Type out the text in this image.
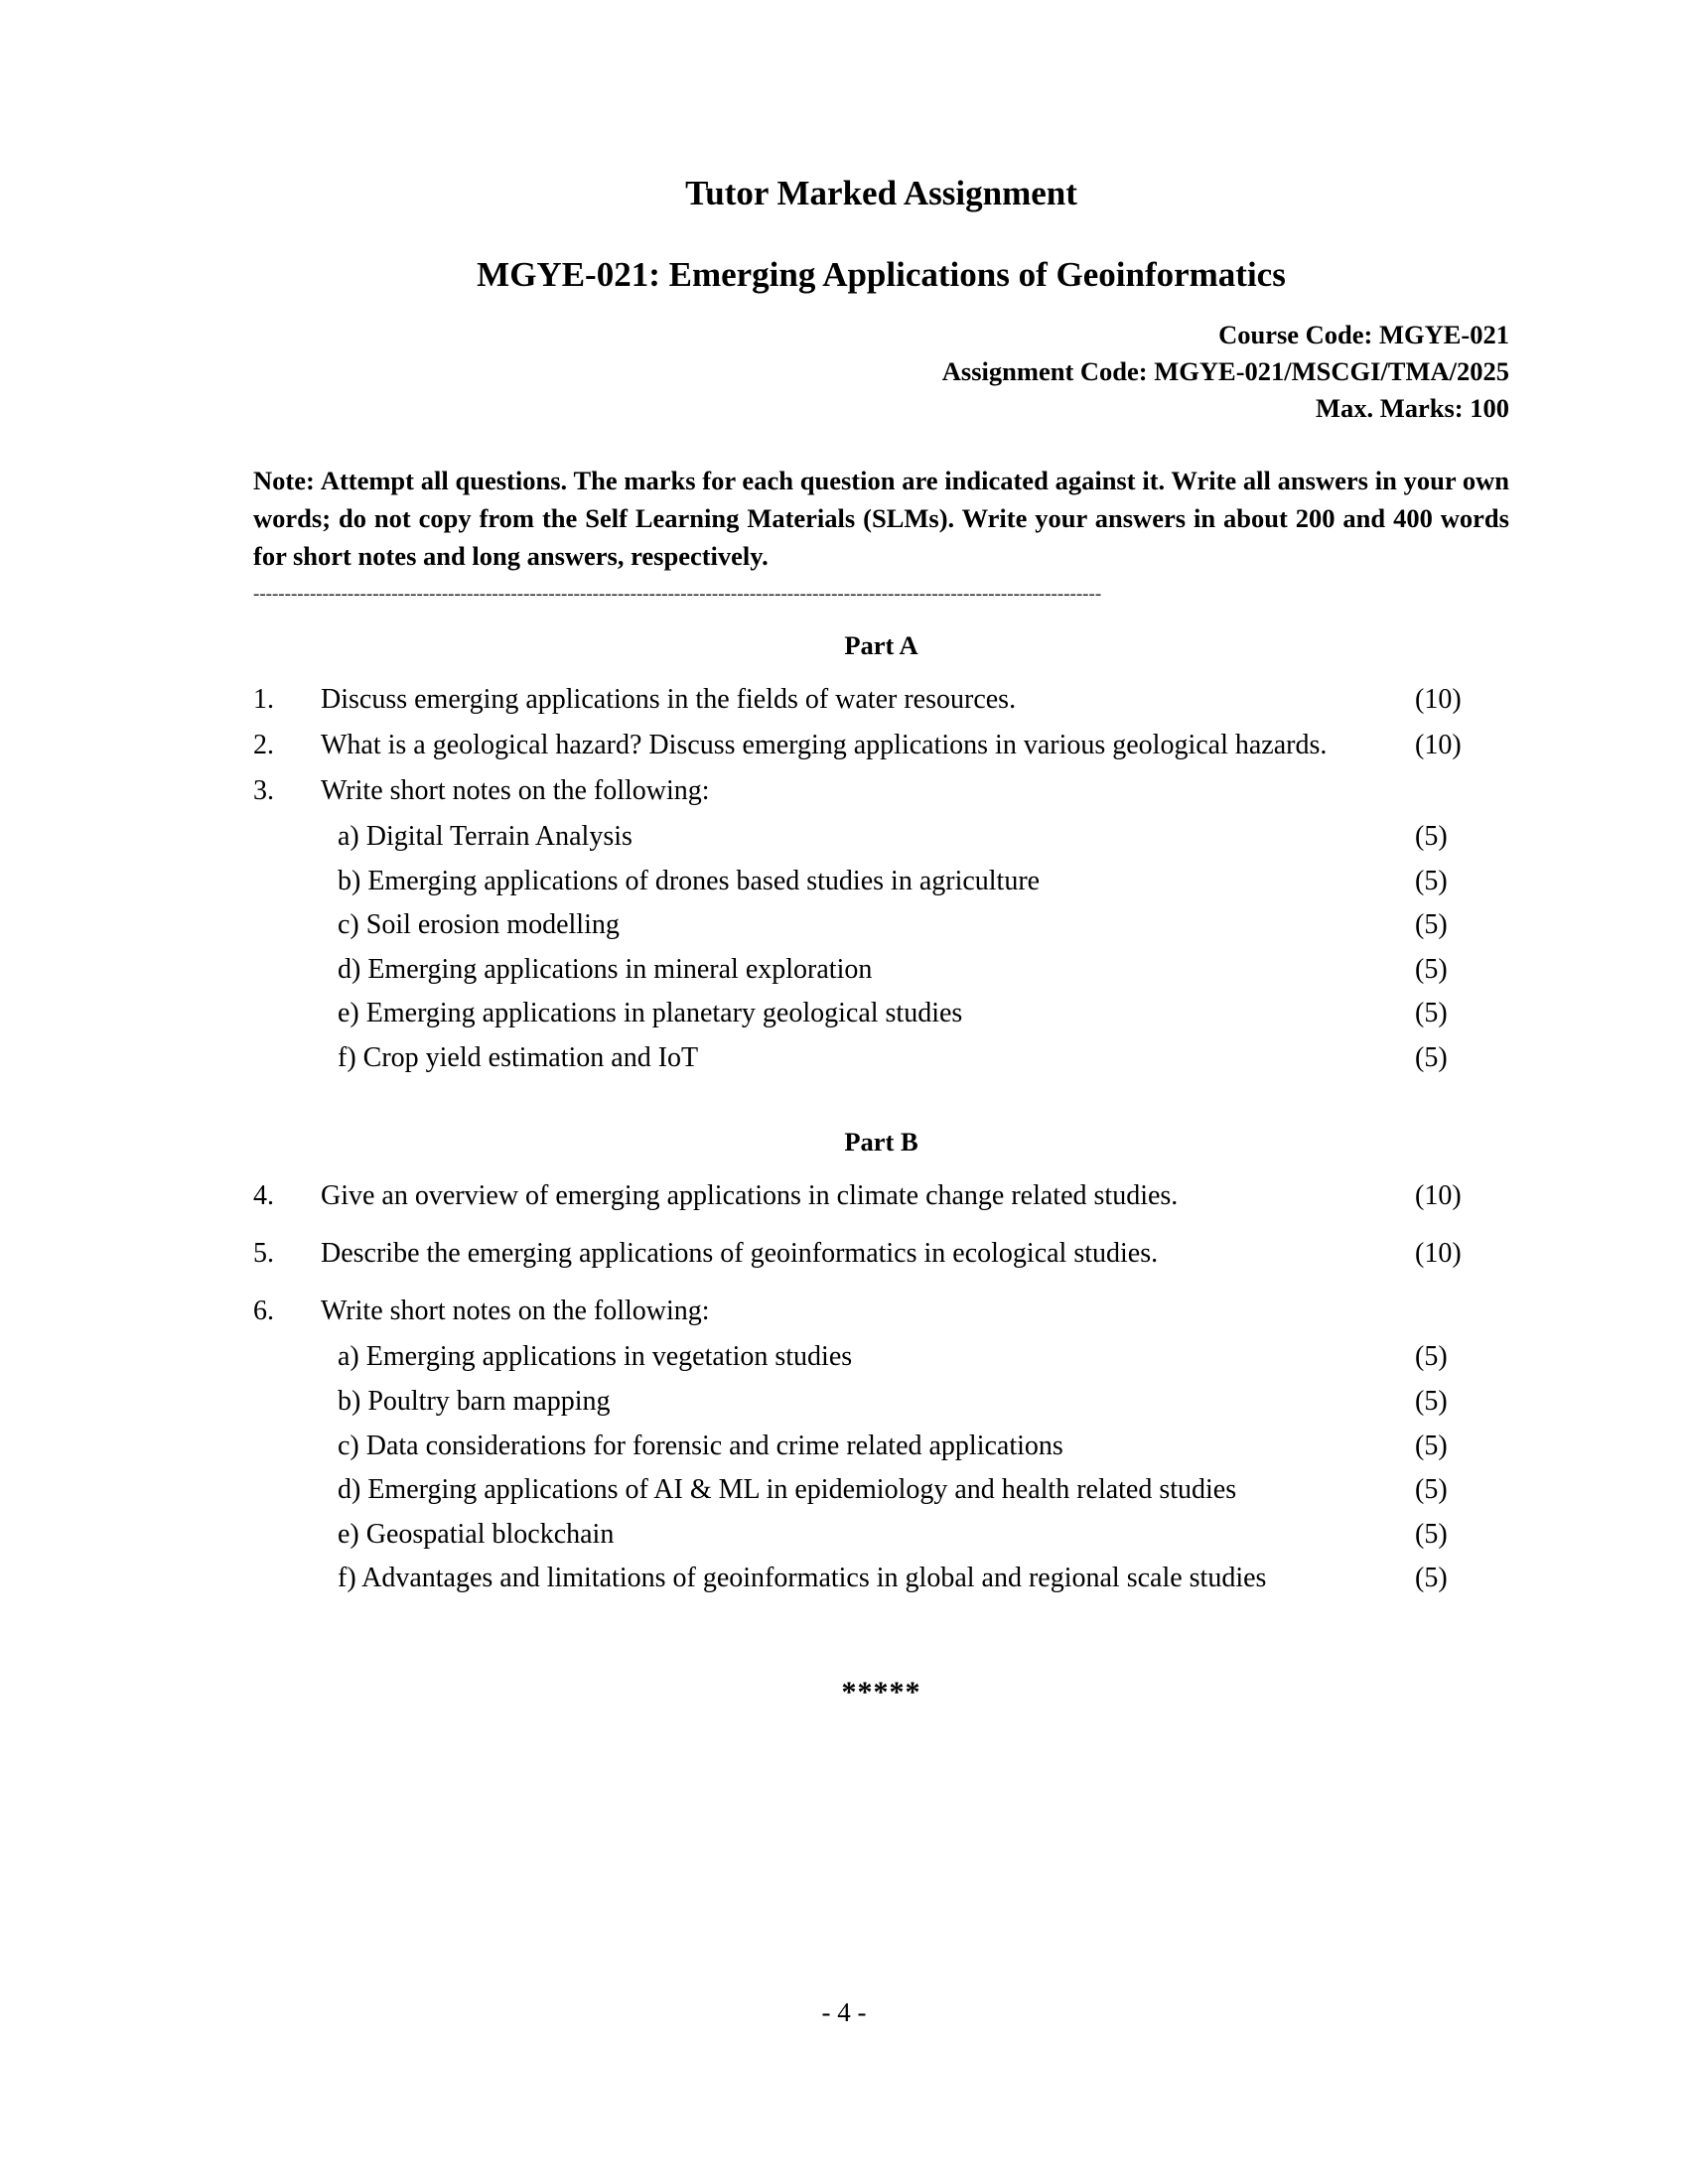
Tutor Marked Assignment
MGYE-021: Emerging Applications of Geoinformatics
Course Code: MGYE-021
Assignment Code: MGYE-021/MSCGI/TMA/2025
Max. Marks: 100
Note: Attempt all questions. The marks for each question are indicated against it. Write all answers in your own words; do not copy from the Self Learning Materials (SLMs). Write your answers in about 200 and 400 words for short notes and long answers, respectively.
---------------------------------------------------------------------------------------------------------------------------------------
Part A
1.	Discuss emerging applications in the fields of water resources.	(10)
2.	What is a geological hazard? Discuss emerging applications in various geological hazards.	(10)
3.	Write short notes on the following:
a) Digital Terrain Analysis	(5)
b) Emerging applications of drones based studies in agriculture	(5)
c) Soil erosion modelling	(5)
d) Emerging applications in mineral exploration	(5)
e) Emerging applications in planetary geological studies	(5)
f) Crop yield estimation and IoT	(5)
Part B
4.	Give an overview of emerging applications in climate change related studies.	(10)
5.	Describe the emerging applications of geoinformatics in ecological studies.	(10)
6.	Write short notes on the following:
a) Emerging applications in vegetation studies	(5)
b) Poultry barn mapping	(5)
c) Data considerations for forensic and crime related applications	(5)
d) Emerging applications of AI & ML in epidemiology and health related studies	(5)
e) Geospatial blockchain	(5)
f) Advantages and limitations of geoinformatics in global and regional scale studies	(5)
*****
- 4 -
